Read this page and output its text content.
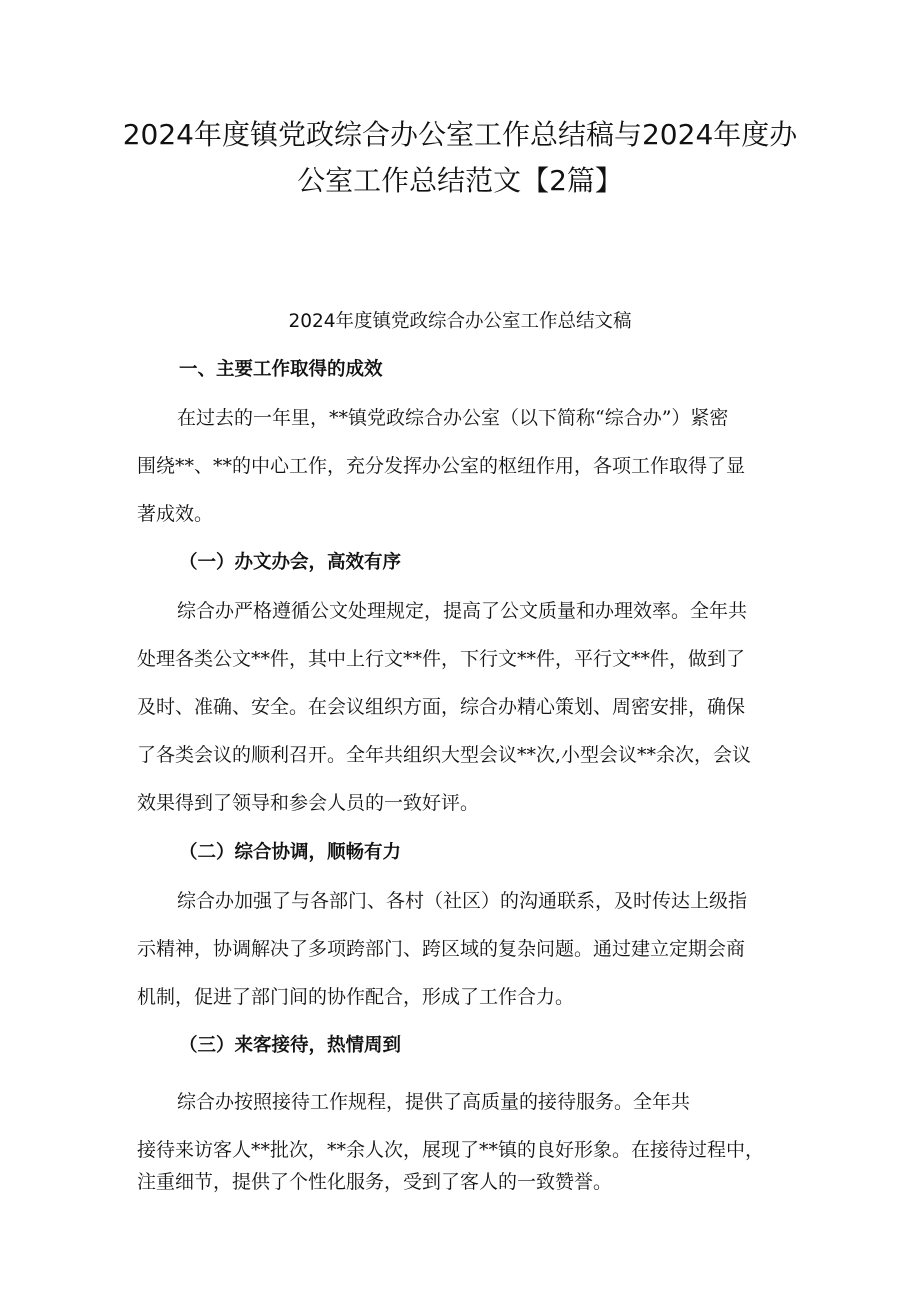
2024年度镇党政综合办公室工作总结稿与2024年度办
公室工作总结范文【2篇】
2024年度镇党政综合办公室工作总结文稿
一、主要工作取得的成效
在过去的一年里，**镇党政综合办公室（以下简称“综合办”）紧密
围绕**、**的中心工作，充分发挥办公室的枢纽作用，各项工作取得了显
著成效。
（一）办文办会，高效有序
综合办严格遵循公文处理规定，提高了公文质量和办理效率。全年共
处理各类公文**件，其中上行文**件，下行文**件，平行文**件，做到了
及时、准确、安全。在会议组织方面，综合办精心策划、周密安排，确保
了各类会议的顺利召开。全年共组织大型会议**次,小型会议**余次，会议
效果得到了领导和参会人员的一致好评。
（二）综合协调，顺畅有力
综合办加强了与各部门、各村（社区）的沟通联系，及时传达上级指
示精神，协调解决了多项跨部门、跨区域的复杂问题。通过建立定期会商
机制，促进了部门间的协作配合，形成了工作合力。
（三）来客接待，热情周到
综合办按照接待工作规程，提供了高质量的接待服务。全年共
接待来访客人**批次，**余人次，展现了**镇的良好形象。在接待过程中，
注重细节，提供了个性化服务，受到了客人的一致赞誉。
